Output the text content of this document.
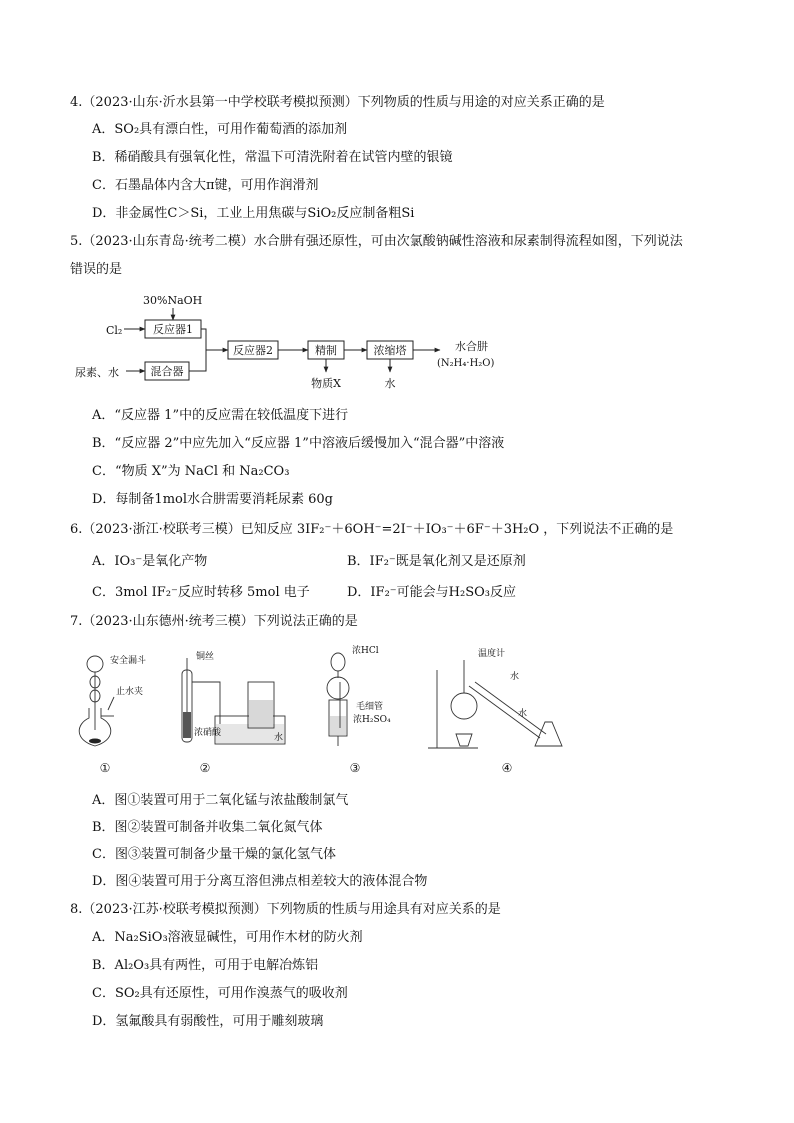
4.（2023·山东·沂水县第一中学校联考模拟预测）下列物质的性质与用途的对应关系正确的是
A．SO₂具有漂白性，可用作葡萄酒的添加剂
B．稀硝酸具有强氧化性，常温下可清洗附着在试管内壁的银镜
C．石墨晶体内含大π键，可用作润滑剂
D．非金属性C＞Si，工业上用焦碳与SiO₂反应制备粗Si
5.（2023·山东青岛·统考二模）水合肼有强还原性，可由次氯酸钠碱性溶液和尿素制得流程如图，下列说法
错误的是
30%NaOH
反应器1
Cl₂
混合器
尿素、水
反应器2	精制
物质X
浓缩塔
水
水合肼
(N₂H₄·H₂O)
A．“反应器 1”中的反应需在较低温度下进行
B．“反应器 2”中应先加入“反应器 1”中溶液后缓慢加入“混合器”中溶液
C．“物质 X”为 NaCl 和 Na₂CO₃
D．每制备1mol水合肼需要消耗尿素 60g
6.（2023·浙江·校联考三模）已知反应 3IF₂⁻＋6OH⁻=2I⁻＋IO₃⁻＋6F⁻＋3H₂O ，下列说法不正确的是
A．IO₃⁻是氧化产物	B．IF₂⁻既是氧化剂又是还原剂
C．3mol IF₂⁻反应时转移 5mol 电子	D．IF₂⁻可能会与H₂SO₃反应
7.（2023·山东德州·统考三模）下列说法正确的是
安全漏斗
止水夹
铜丝
浓硝酸	水
浓HCl
毛细管
浓H₂SO₄
温度计
水
水
①	②	③	④
A．图①装置可用于二氧化锰与浓盐酸制氯气
B．图②装置可制备并收集二氧化氮气体
C．图③装置可制备少量干燥的氯化氢气体
D．图④装置可用于分离互溶但沸点相差较大的液体混合物
8.（2023·江苏·校联考模拟预测）下列物质的性质与用途具有对应关系的是
A．Na₂SiO₃溶液显碱性，可用作木材的防火剂
B．Al₂O₃具有两性，可用于电解冶炼铝
C．SO₂具有还原性，可用作溴蒸气的吸收剂
D．氢氟酸具有弱酸性，可用于雕刻玻璃
